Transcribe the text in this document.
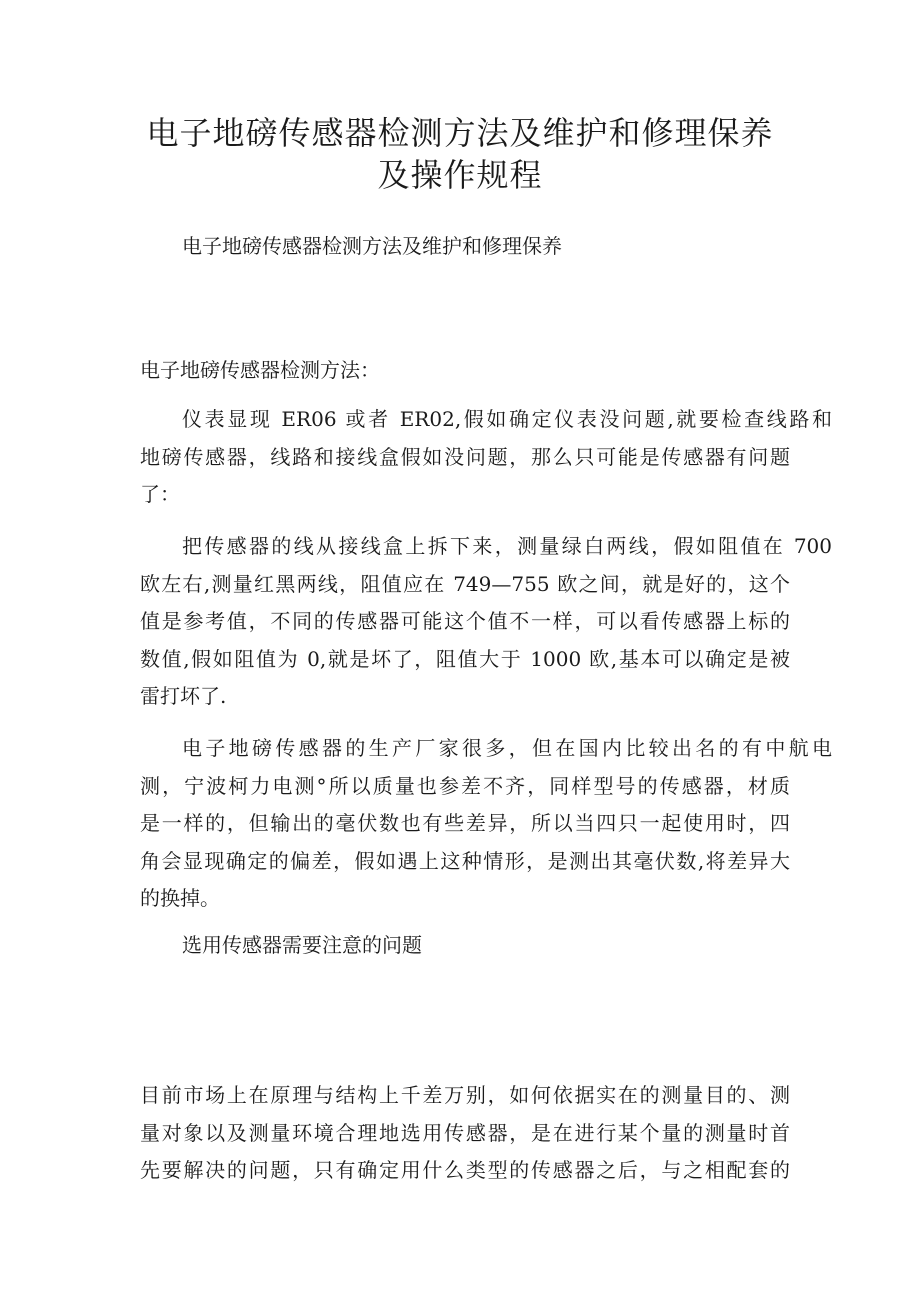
电子地磅传感器检测方法及维护和修理保养
及操作规程

电子地磅传感器检测方法及维护和修理保养

电子地磅传感器检测方法：

仪表显现 ER06 或者 ER02,假如确定仪表没问题,就要检查线路和
地磅传感器，线路和接线盒假如没问题，那么只可能是传感器有问题
了：
把传感器的线从接线盒上拆下来，测量绿白两线，假如阻值在 700
欧左右,测量红黑两线，阻值应在 749—755 欧之间，就是好的，这个
值是参考值，不同的传感器可能这个值不一样，可以看传感器上标的
数值,假如阻值为 0,就是坏了，阻值大于 1000 欧,基本可以确定是被
雷打坏了.
电子地磅传感器的生产厂家很多，但在国内比较出名的有中航电
测，宁波柯力电测°所以质量也参差不齐，同样型号的传感器，材质
是一样的，但输出的毫伏数也有些差异，所以当四只一起使用时，四
角会显现确定的偏差，假如遇上这种情形，是测出其毫伏数,将差异大
的换掉。

选用传感器需要注意的问题

目前市场上在原理与结构上千差万别，如何依据实在的测量目的、测
量对象以及测量环境合理地选用传感器，是在进行某个量的测量时首
先要解决的问题，只有确定用什么类型的传感器之后，与之相配套的
